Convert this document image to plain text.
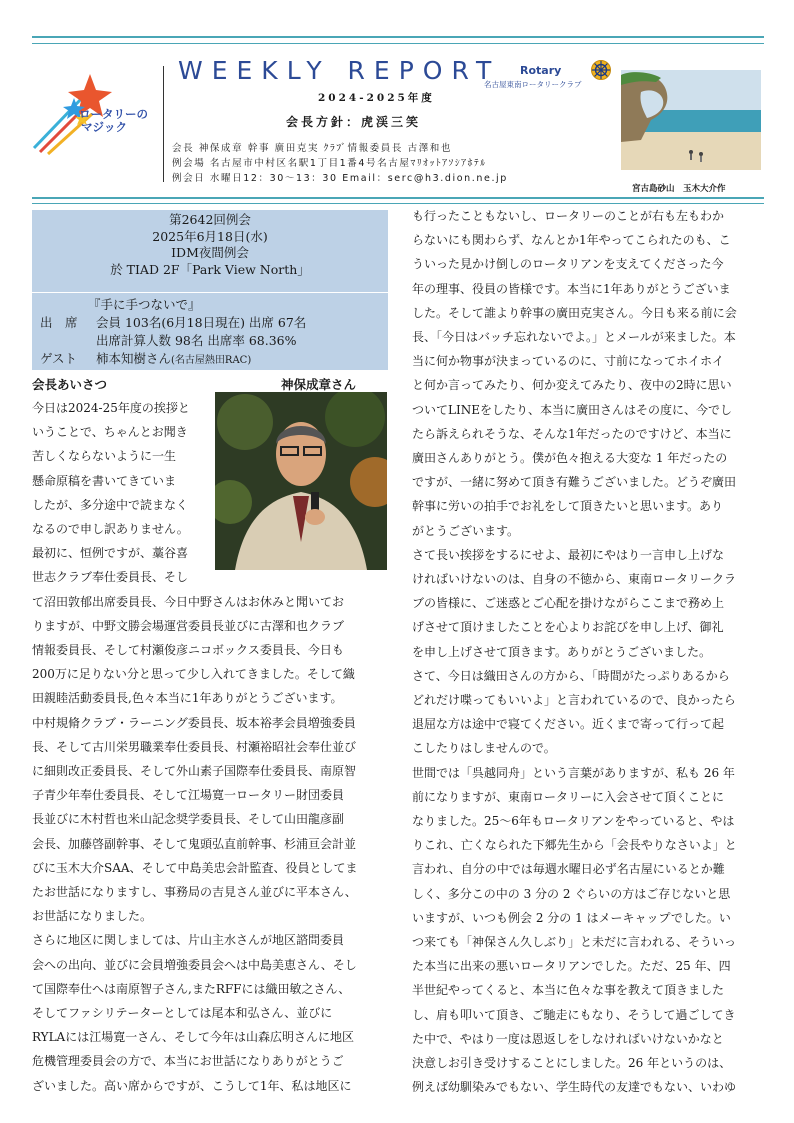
ロータリーの
マジック
WEEKLY REPORT Rotary
名古屋東南ロータリークラブ
2024-2025年度
会長方針：虎渓三笑
会長 神保成章 幹事 廣田克実 ｸﾗﾌﾞ情報委員長 古澤和也
例会場 名古屋市中村区名駅1丁目1番4号名古屋ﾏﾘｵｯﾄｱｿｼｱﾎﾃﾙ
例会日 水曜日12：30～13：30 Email：serc@h3.dion.ne.jp
宮古島砂山　玉木大介作
第2642回例会
2025年6月18日(水)
IDM夜間例会
於 TIAD 2F「Park View North」
『手に手つないで』
出　席 会員 103名(6月18日現在) 出席 67名
出席計算人数 98名 出席率 68.36%
ゲスト 柿本知樹さん(名古屋熱田RAC)
会長あいさつ	神保成章さん
今日は2024-25年度の挨拶と
いうことで、ちゃんとお聞き
苦しくならないように一生
懸命原稿を書いてきていま
したが、多分途中で読まなく
なるので申し訳ありません。
最初に、恒例ですが、藁谷喜
世志クラブ奉仕委員長、そし
て沼田敦郁出席委員長、今日中野さんはお休みと聞いてお
りますが、中野文勝会場運営委員長並びに古澤和也クラブ
情報委員長、そして村瀬俊彦ニコボックス委員長、今日も
200万に足りない分と思って少し入れてきました。そして織
田親睦活動委員長,色々本当に1年ありがとうございます。
中村規脩クラブ・ラーニング委員長、坂本裕孝会員増強委員
長、そして古川栄男職業奉仕委員長、村瀬裕昭社会奉仕並び
に細則改正委員長、そして外山素子国際奉仕委員長、南原智
子青少年奉仕委員長、そして江場寛一ロータリー財団委員
長並びに木村哲也米山記念奨学委員長、そして山田龍彦副
会長、加藤啓副幹事、そして鬼頭弘直前幹事、杉浦亘会計並
びに玉木大介SAA、そして中島美忠会計監査、役員としてま
たお世話になりますし、事務局の吉見さん並びに平本さん、
お世話になりました。
さらに地区に関しましては、片山主水さんが地区諮問委員
会への出向、並びに会員増強委員会へは中島美恵さん、そし
て国際奉仕へは南原智子さん,またRFFには織田敏之さん、
そしてファシリテーターとしては尾本和弘さん、並びに
RYLAには江場寛一さん、そして今年は山森広明さんに地区
危機管理委員会の方で、本当にお世話になりありがとうご
ざいました。高い席からですが、こうして1年、私は地区に
も行ったこともないし、ロータリーのことが右も左もわか
らないにも関わらず、なんとか1年やってこられたのも、こ
ういった見かけ倒しのロータリアンを支えてくださった今
年の理事、役員の皆様です。本当に1年ありがとうございま
した。そして誰より幹事の廣田克実さん。今日も来る前に会
長、「今日はバッチ忘れないでよ。」とメールが来ました。本
当に何か物事が決まっているのに、寸前になってホイホイ
と何か言ってみたり、何か変えてみたり、夜中の2時に思い
ついてLINEをしたり、本当に廣田さんはその度に、今でし
たら訴えられそうな、そんな1年だったのですけど、本当に
廣田さんありがとう。僕が色々抱える大変な 1 年だったの
ですが、一緒に努めて頂き有難うございました。どうぞ廣田
幹事に労いの拍手でお礼をして頂きたいと思います。あり
がとうございます。
さて長い挨拶をするにせよ、最初にやはり一言申し上げな
ければいけないのは、自身の不徳から、東南ロータリークラ
ブの皆様に、ご迷惑とご心配を掛けながらここまで務め上
げさせて頂けましたことを心よりお詫びを申し上げ、御礼
を申し上げさせて頂きます。ありがとうございました。
さて、今日は織田さんの方から、「時間がたっぷりあるから
どれだけ喋ってもいいよ」と言われているので、良かったら
退屈な方は途中で寝てください。近くまで寄って行って起
こしたりはしませんので。
世間では「呉越同舟」という言葉がありますが、私も 26 年
前になりますが、東南ロータリーに入会させて頂くことに
なりました。25～6年もロータリアンをやっていると、やは
りこれ、亡くなられた下郷先生から「会長やりなさいよ」と
言われ、自分の中では毎週水曜日必ず名古屋にいるとか難
しく、多分この中の 3 分の 2 ぐらいの方はご存じないと思
いますが、いつも例会 2 分の 1 はメーキャップでした。い
つ来ても「神保さん久しぶり」と未だに言われる、そういっ
た本当に出来の悪いロータリアンでした。ただ、25 年、四
半世紀やってくると、本当に色々な事を教えて頂きました
し、肩も叩いて頂き、ご馳走にもなり、そうして過ごしてき
た中で、やはり一度は恩返しをしなければいけないかなと
決意しお引き受けすることにしました。26 年というのは、
例えば幼馴染みでもない、学生時代の友達でもない、いわゆ
